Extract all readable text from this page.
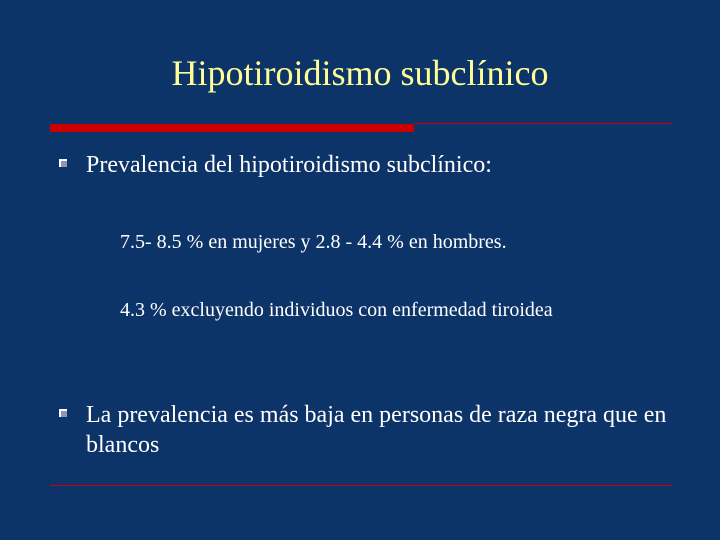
Hipotiroidismo subclínico
Prevalencia del hipotiroidismo subclínico:
7.5- 8.5 % en mujeres y 2.8 - 4.4 % en hombres.
4.3 % excluyendo individuos con enfermedad tiroidea
La prevalencia es más baja en personas de raza negra que en blancos
